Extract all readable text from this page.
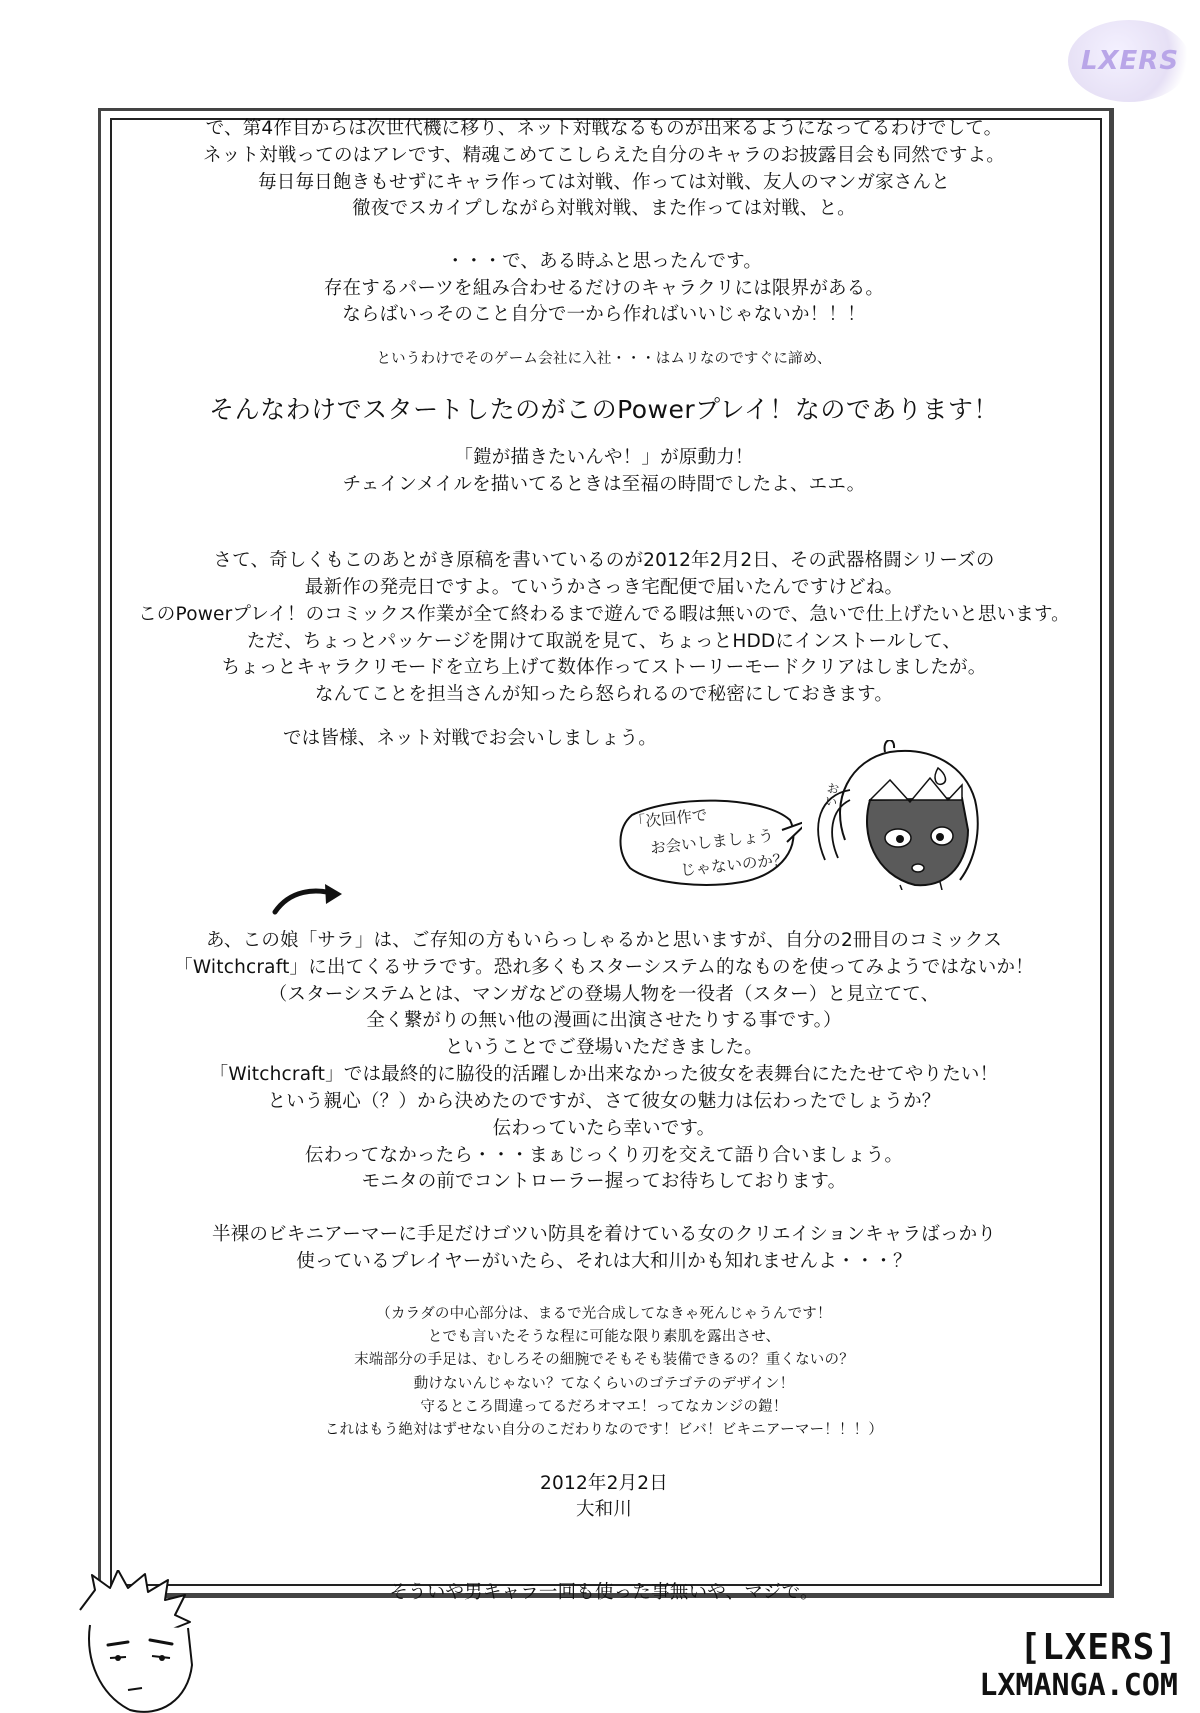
LXERS
で、第4作目からは次世代機に移り、ネット対戦なるものが出来るようになってるわけでして。
ネット対戦ってのはアレです、精魂こめてこしらえた自分のキャラのお披露目会も同然ですよ。
毎日毎日飽きもせずにキャラ作っては対戦、作っては対戦、友人のマンガ家さんと
徹夜でスカイプしながら対戦対戦、また作っては対戦、と。
・・・で、ある時ふと思ったんです。
存在するパーツを組み合わせるだけのキャラクリには限界がある。
ならばいっそのこと自分で一から作ればいいじゃないか！！！
というわけでそのゲーム会社に入社・・・はムリなのですぐに諦め、
そんなわけでスタートしたのがこのPowerプレイ！なのであります！
「鎧が描きたいんや！」が原動力！
チェインメイルを描いてるときは至福の時間でしたよ、エエ。
さて、奇しくもこのあとがき原稿を書いているのが2012年2月2日、その武器格闘シリーズの
最新作の発売日ですよ。ていうかさっき宅配便で届いたんですけどね。
このPowerプレイ！のコミックス作業が全て終わるまで遊んでる暇は無いので、急いで仕上げたいと思います。
ただ、ちょっとパッケージを開けて取説を見て、ちょっとHDDにインストールして、
ちょっとキャラクリモードを立ち上げて数体作ってストーリーモードクリアはしましたが。
なんてことを担当さんが知ったら怒られるので秘密にしておきます。
では皆様、ネット対戦でお会いしましょう。
「次回作で
お会いしましょう
じゃないのか？
おい
あ、この娘「サラ」は、ご存知の方もいらっしゃるかと思いますが、自分の2冊目のコミックス
「Witchcraft」に出てくるサラです。恐れ多くもスターシステム的なものを使ってみようではないか！
（スターシステムとは、マンガなどの登場人物を一役者（スター）と見立てて、
全く繋がりの無い他の漫画に出演させたりする事です。）
ということでご登場いただきました。
「Witchcraft」では最終的に脇役的活躍しか出来なかった彼女を表舞台にたたせてやりたい！
という親心（？）から決めたのですが、さて彼女の魅力は伝わったでしょうか？
伝わっていたら幸いです。
伝わってなかったら・・・まぁじっくり刃を交えて語り合いましょう。
モニタの前でコントローラー握ってお待ちしております。
半裸のビキニアーマーに手足だけゴツい防具を着けている女のクリエイションキャラばっかり
使っているプレイヤーがいたら、それは大和川かも知れませんよ・・・？
（カラダの中心部分は、まるで光合成してなきゃ死んじゃうんです！
とでも言いたそうな程に可能な限り素肌を露出させ、
末端部分の手足は、むしろその細腕でそもそも装備できるの？重くないの？
動けないんじゃない？てなくらいのゴテゴテのデザイン！
守るところ間違ってるだろオマエ！ってなカンジの鎧！
これはもう絶対はずせない自分のこだわりなのです！ビバ！ビキニアーマー！！！）
2012年2月2日
大和川
そういや男キャラ一回も使った事無いや、マジで。
[LXERS]
LXMANGA.COM
